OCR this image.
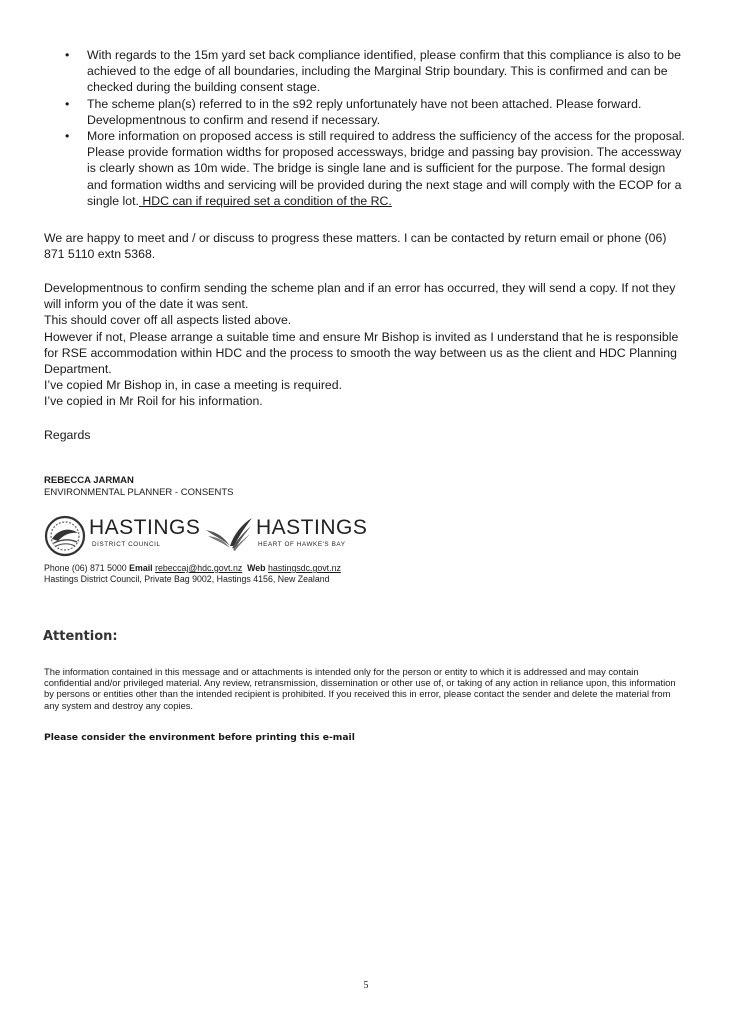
• With regards to the 15m yard set back compliance identified, please confirm that this compliance is also to be achieved to the edge of all boundaries, including the Marginal Strip boundary. This is confirmed and can be checked during the building consent stage.
• The scheme plan(s) referred to in the s92 reply unfortunately have not been attached. Please forward. Developmentnous to confirm and resend if necessary.
• More information on proposed access is still required to address the sufficiency of the access for the proposal. Please provide formation widths for proposed accessways, bridge and passing bay provision. The accessway is clearly shown as 10m wide. The bridge is single lane and is sufficient for the purpose. The formal design and formation widths and servicing will be provided during the next stage and will comply with the ECOP for a single lot. HDC can if required set a condition of the RC.

We are happy to meet and / or discuss to progress these matters. I can be contacted by return email or phone (06) 871 5110 extn 5368.

Developmentnous to confirm sending the scheme plan and if an error has occurred, they will send a copy. If not they will inform you of the date it was sent.
This should cover off all aspects listed above.
However if not, Please arrange a suitable time and ensure Mr Bishop is invited as I understand that he is responsible for RSE accommodation within HDC and the process to smooth the way between us as the client and HDC Planning Department.
I’ve copied Mr Bishop in, in case a meeting is required.
I’ve copied in Mr Roil for his information.

Regards

REBECCA JARMAN
ENVIRONMENTAL PLANNER - CONSENTS
HASTINGS
DISTRICT COUNCIL
HASTINGS
HEART OF HAWKE'S BAY
Phone (06) 871 5000 Email rebeccaj@hdc.govt.nz Web hastingsdc.govt.nz
Hastings District Council, Private Bag 9002, Hastings 4156, New Zealand
Attention:

The information contained in this message and or attachments is intended only for the person or entity to which it is addressed and may contain confidential and/or privileged material. Any review, retransmission, dissemination or other use of, or taking of any action in reliance upon, this information by persons or entities other than the intended recipient is prohibited. If you received this in error, please contact the sender and delete the material from any system and destroy any copies.

Please consider the environment before printing this e-mail
5
